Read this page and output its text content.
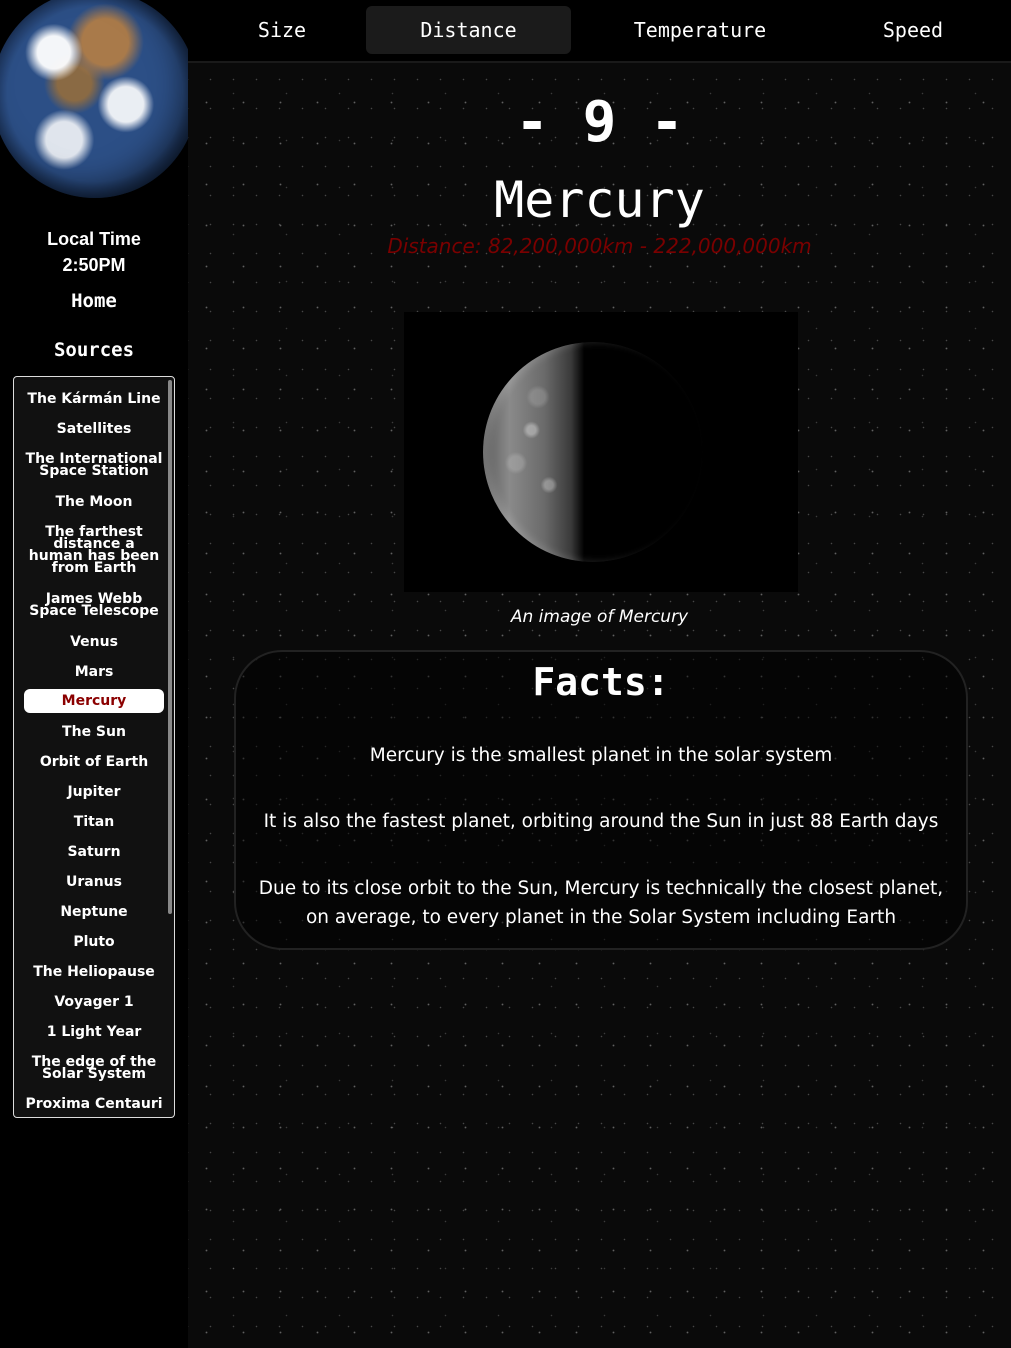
Local Time
2:50PM
Home
Sources
The Kármán Line
Satellites
The International Space Station
The Moon
The farthest distance a human has been from Earth
James Webb Space Telescope
Venus
Mars
Mercury
The Sun
Orbit of Earth
Jupiter
Titan
Saturn
Uranus
Neptune
Pluto
The Heliopause
Voyager 1
1 Light Year
The edge of the Solar System
Proxima Centauri
Size	Distance	Temperature	Speed
- 9 -
Mercury
Distance: 82,200,000km - 222,000,000km
An image of Mercury
Facts:
Mercury is the smallest planet in the solar system
It is also the fastest planet, orbiting around the Sun in just 88 Earth days
Due to its close orbit to the Sun, Mercury is technically the closest planet, on average, to every planet in the Solar System including Earth
